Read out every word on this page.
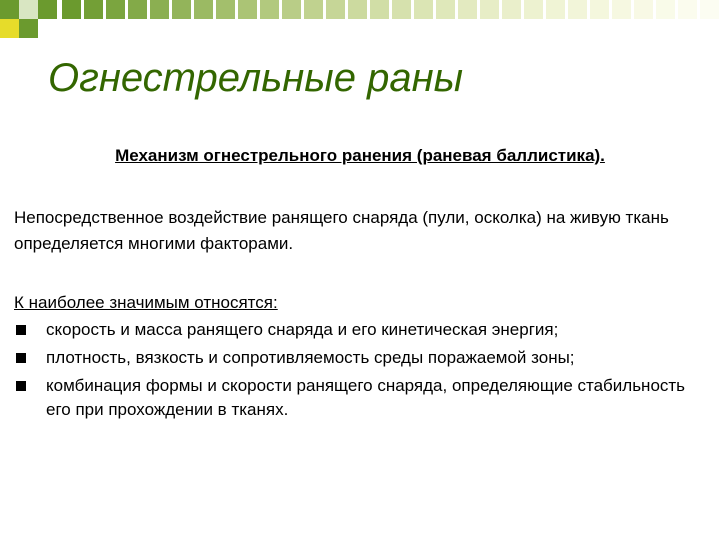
Огнестрельные раны

Механизм огнестрельного ранения (раневая баллистика).

Непосредственное воздействие ранящего снаряда (пули, осколка) на живую ткань определяется многими факторами.

К наиболее значимым относятся:

скорость и масса ранящего снаряда и его кинетическая энергия;
плотность, вязкость и сопротивляемость среды поражаемой зоны;
комбинация формы и скорости ранящего снаряда, определяющие стабильность его при прохождении в тканях.
